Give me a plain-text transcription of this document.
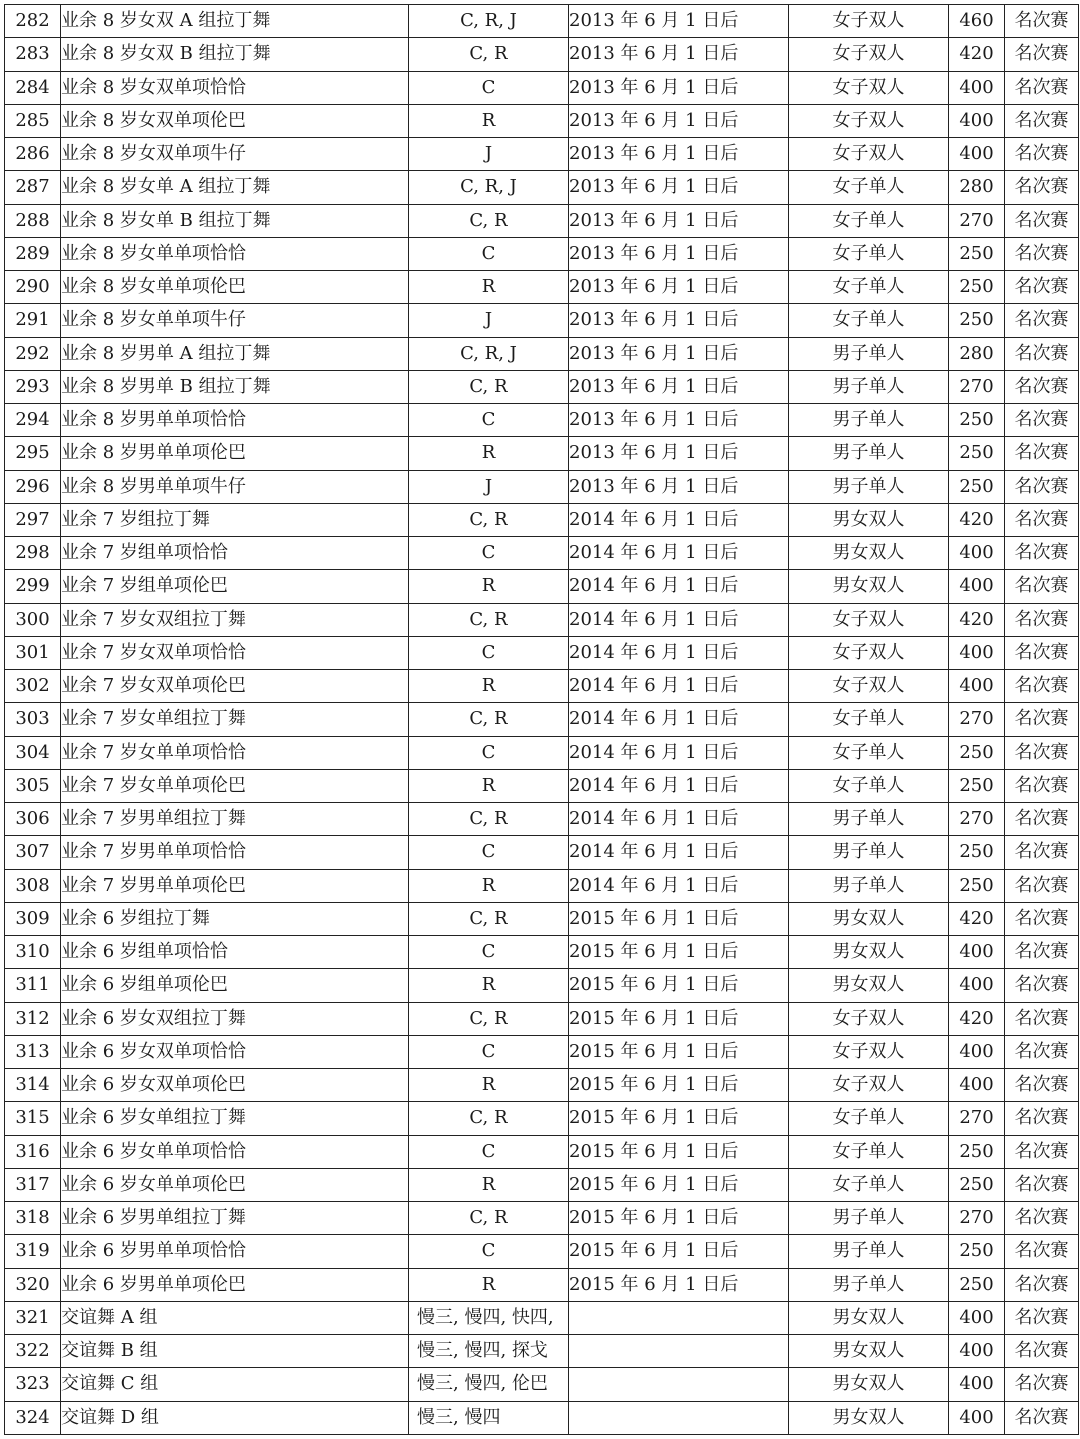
282	业余 8 岁女双 A 组拉丁舞	C, R, J	2013 年 6 月 1 日后	女子双人	460	名次赛
283	业余 8 岁女双 B 组拉丁舞	C, R	2013 年 6 月 1 日后	女子双人	420	名次赛
284	业余 8 岁女双单项恰恰	C	2013 年 6 月 1 日后	女子双人	400	名次赛
285	业余 8 岁女双单项伦巴	R	2013 年 6 月 1 日后	女子双人	400	名次赛
286	业余 8 岁女双单项牛仔	J	2013 年 6 月 1 日后	女子双人	400	名次赛
287	业余 8 岁女单 A 组拉丁舞	C, R, J	2013 年 6 月 1 日后	女子单人	280	名次赛
288	业余 8 岁女单 B 组拉丁舞	C, R	2013 年 6 月 1 日后	女子单人	270	名次赛
289	业余 8 岁女单单项恰恰	C	2013 年 6 月 1 日后	女子单人	250	名次赛
290	业余 8 岁女单单项伦巴	R	2013 年 6 月 1 日后	女子单人	250	名次赛
291	业余 8 岁女单单项牛仔	J	2013 年 6 月 1 日后	女子单人	250	名次赛
292	业余 8 岁男单 A 组拉丁舞	C, R, J	2013 年 6 月 1 日后	男子单人	280	名次赛
293	业余 8 岁男单 B 组拉丁舞	C, R	2013 年 6 月 1 日后	男子单人	270	名次赛
294	业余 8 岁男单单项恰恰	C	2013 年 6 月 1 日后	男子单人	250	名次赛
295	业余 8 岁男单单项伦巴	R	2013 年 6 月 1 日后	男子单人	250	名次赛
296	业余 8 岁男单单项牛仔	J	2013 年 6 月 1 日后	男子单人	250	名次赛
297	业余 7 岁组拉丁舞	C, R	2014 年 6 月 1 日后	男女双人	420	名次赛
298	业余 7 岁组单项恰恰	C	2014 年 6 月 1 日后	男女双人	400	名次赛
299	业余 7 岁组单项伦巴	R	2014 年 6 月 1 日后	男女双人	400	名次赛
300	业余 7 岁女双组拉丁舞	C, R	2014 年 6 月 1 日后	女子双人	420	名次赛
301	业余 7 岁女双单项恰恰	C	2014 年 6 月 1 日后	女子双人	400	名次赛
302	业余 7 岁女双单项伦巴	R	2014 年 6 月 1 日后	女子双人	400	名次赛
303	业余 7 岁女单组拉丁舞	C, R	2014 年 6 月 1 日后	女子单人	270	名次赛
304	业余 7 岁女单单项恰恰	C	2014 年 6 月 1 日后	女子单人	250	名次赛
305	业余 7 岁女单单项伦巴	R	2014 年 6 月 1 日后	女子单人	250	名次赛
306	业余 7 岁男单组拉丁舞	C, R	2014 年 6 月 1 日后	男子单人	270	名次赛
307	业余 7 岁男单单项恰恰	C	2014 年 6 月 1 日后	男子单人	250	名次赛
308	业余 7 岁男单单项伦巴	R	2014 年 6 月 1 日后	男子单人	250	名次赛
309	业余 6 岁组拉丁舞	C, R	2015 年 6 月 1 日后	男女双人	420	名次赛
310	业余 6 岁组单项恰恰	C	2015 年 6 月 1 日后	男女双人	400	名次赛
311	业余 6 岁组单项伦巴	R	2015 年 6 月 1 日后	男女双人	400	名次赛
312	业余 6 岁女双组拉丁舞	C, R	2015 年 6 月 1 日后	女子双人	420	名次赛
313	业余 6 岁女双单项恰恰	C	2015 年 6 月 1 日后	女子双人	400	名次赛
314	业余 6 岁女双单项伦巴	R	2015 年 6 月 1 日后	女子双人	400	名次赛
315	业余 6 岁女单组拉丁舞	C, R	2015 年 6 月 1 日后	女子单人	270	名次赛
316	业余 6 岁女单单项恰恰	C	2015 年 6 月 1 日后	女子单人	250	名次赛
317	业余 6 岁女单单项伦巴	R	2015 年 6 月 1 日后	女子单人	250	名次赛
318	业余 6 岁男单组拉丁舞	C, R	2015 年 6 月 1 日后	男子单人	270	名次赛
319	业余 6 岁男单单项恰恰	C	2015 年 6 月 1 日后	男子单人	250	名次赛
320	业余 6 岁男单单项伦巴	R	2015 年 6 月 1 日后	男子单人	250	名次赛
321	交谊舞 A 组	慢三, 慢四, 快四,		男女双人	400	名次赛
322	交谊舞 B 组	慢三, 慢四, 探戈		男女双人	400	名次赛
323	交谊舞 C 组	慢三, 慢四, 伦巴		男女双人	400	名次赛
324	交谊舞 D 组	慢三, 慢四		男女双人	400	名次赛
